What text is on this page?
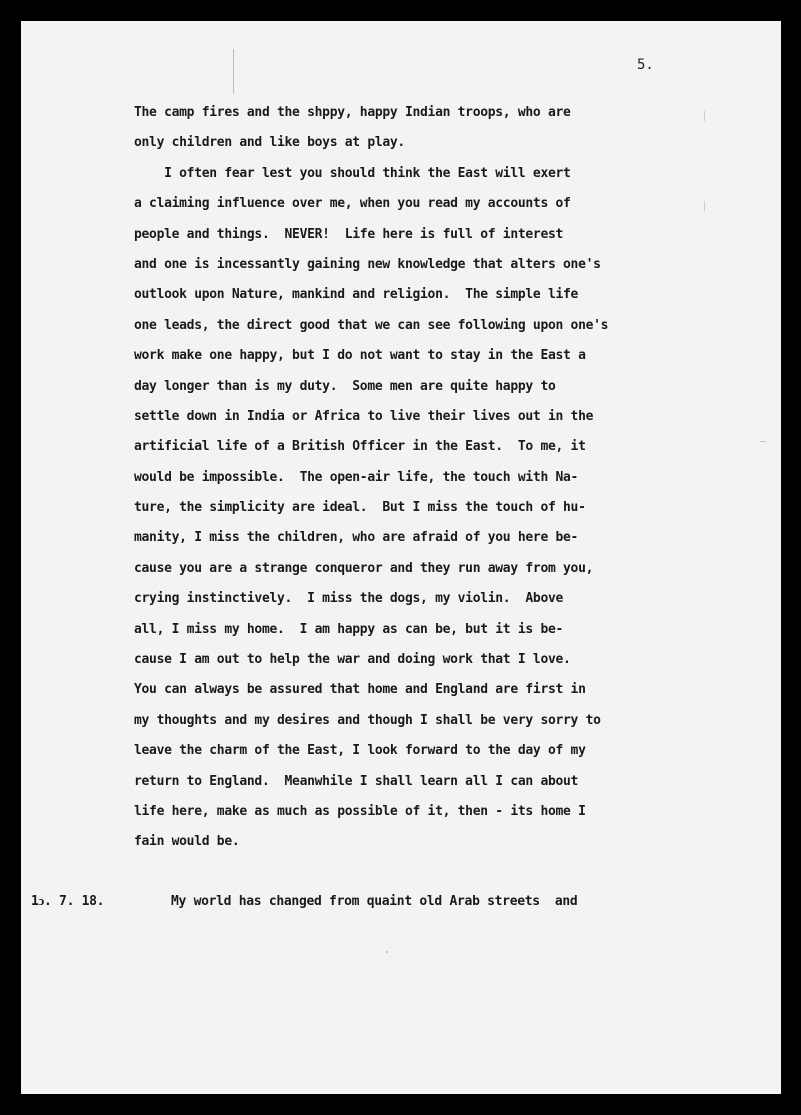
5.
The camp fires and the shppy, happy Indian troops, who are
only children and like boys at play.
I often fear lest you should think the East will exert
a claiming influence over me, when you read my accounts of
people and things.  NEVER!  Life here is full of interest
and one is incessantly gaining new knowledge that alters one's
outlook upon Nature, mankind and religion.  The simple life
one leads, the direct good that we can see following upon one's
work make one happy, but I do not want to stay in the East a
day longer than is my duty.  Some men are quite happy to
settle down in India or Africa to live their lives out in the
artificial life of a British Officer in the East.  To me, it
would be impossible.  The open-air life, the touch with Na-
ture, the simplicity are ideal.  But I miss the touch of hu-
manity, I miss the children, who are afraid of you here be-
cause you are a strange conqueror and they run away from you,
crying instinctively.  I miss the dogs, my violin.  Above
all, I miss my home.  I am happy as can be, but it is be-
cause I am out to help the war and doing work that I love.
You can always be assured that home and England are first in
my thoughts and my desires and though I shall be very sorry to
leave the charm of the East, I look forward to the day of my
return to England.  Meanwhile I shall learn all I can about
life here, make as much as possible of it, then - its home I
fain would be.

1ↄ. 7. 18.

	My world has changed from quaint old Arab streets  and
